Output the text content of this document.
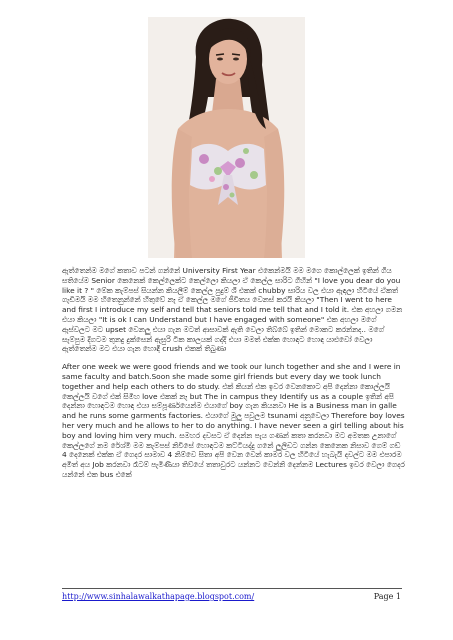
ඇත්තෙන්ම මගේ කතාව පටන් ගන්නේ University First Year එකෙන්මයි මම මගෙ කොල්ලෙක් ඉතින් ගිය සතියේම Senior කෙනෙක් කෙල්ලෙක්ට කෙල්ලො කියලා ඒ කෙල්ල සාරිට ගිහින් "I love you dear do you like it ? " මේක කැම්පස් සියන්න කියලීම් කෙල්ල පුදුම් ශී එකක් chubby සාරිය වල එයා ඇඳලා හිටියේ ඒකත් ගැඩිමයි මම හිතෙනුන්නේ හිතුවේ නෑ ඒ කෙල්ල මගේ ජීවිතය වෙනස් කරයි කියලා "Then I went to here and first I introduce my self and tell that seniors told me tell that and I told it. එක අහලා ගමන එයා කියලා "It is ok I can Understand but I have engaged with someone" එක අහලා මගේ ඇස්වලට මට upset වෙනලු එයා ගැන මටත් ආසාවක් ඇති වෙලා තිබ්බේ ඉතින් මොකට කරන්නද.. මගේ සැම්පුම දිගටම තුනදු දුක්සෙන් ඇසුරි ටික කාලයක් ගද්දි එයා මමත් එක්ක හොඳට හොඳ යාළුවෝ වෙලා ඇත්තෙන්ම මට එයා ගැන හොඳි crush එකක් තිබුණා

After one week we were good friends and we took our lunch together and she and I were in same faculty and batch.Soon she made some girl friends but every day we took lunch together and help each others to do study. එක් කියන් එක ඉවර වෙනකොට අපි දෙන්නා කොල්ලයි කෙල්ලයි වගේ එක් සිමිහ love එකක් නෑ but The in campus they Identify us as a couple ඉතින් අපි දෙන්නා හොඳටම හොඳ එයා සම්පූර්ණයෙන්ම එයාගේ boy ගැන කියනවා He is a Business man in galle and he runs some garments factories. එයාගේ මුලු පවුලම tsunami අනුවෙලා Therefore boy loves her very much and he allows to her to do anything. I have never seen a girl telling about his boy and loving him very much. සමහර දවසට ඒ දෙන්න පැය ගණන් කතා කරනවා මට අමතක උනාගේ කෙල්ලගේ නම රේශ්මි මම කැම්පස් නිවිසේ හොඳටම කට්ටියද්දු ගනේ ලුලිඩට ගන්න කෙනෙක නිසාව ගෙම් ගඩ් 4 දෙනෙක් එක්ක ඒ ගෙදර සාමාව 4 නිම්වෙ සිතා අපි වෙන වෙන් කාමර වල හිටියේ හැබැයි දවල්ට මම එපාරම අමිත් අය Job කරනවා රෑටම් පැමිණීයා තිව්යේ තතාවුරට යන්නට වෙන්නි දෙන්නම Lectures ඉවර වෙලා ගෙදර යන්නේ එක bus එකේ

http://www.sinhalawalkathapage.blogspot.com/	Page 1
